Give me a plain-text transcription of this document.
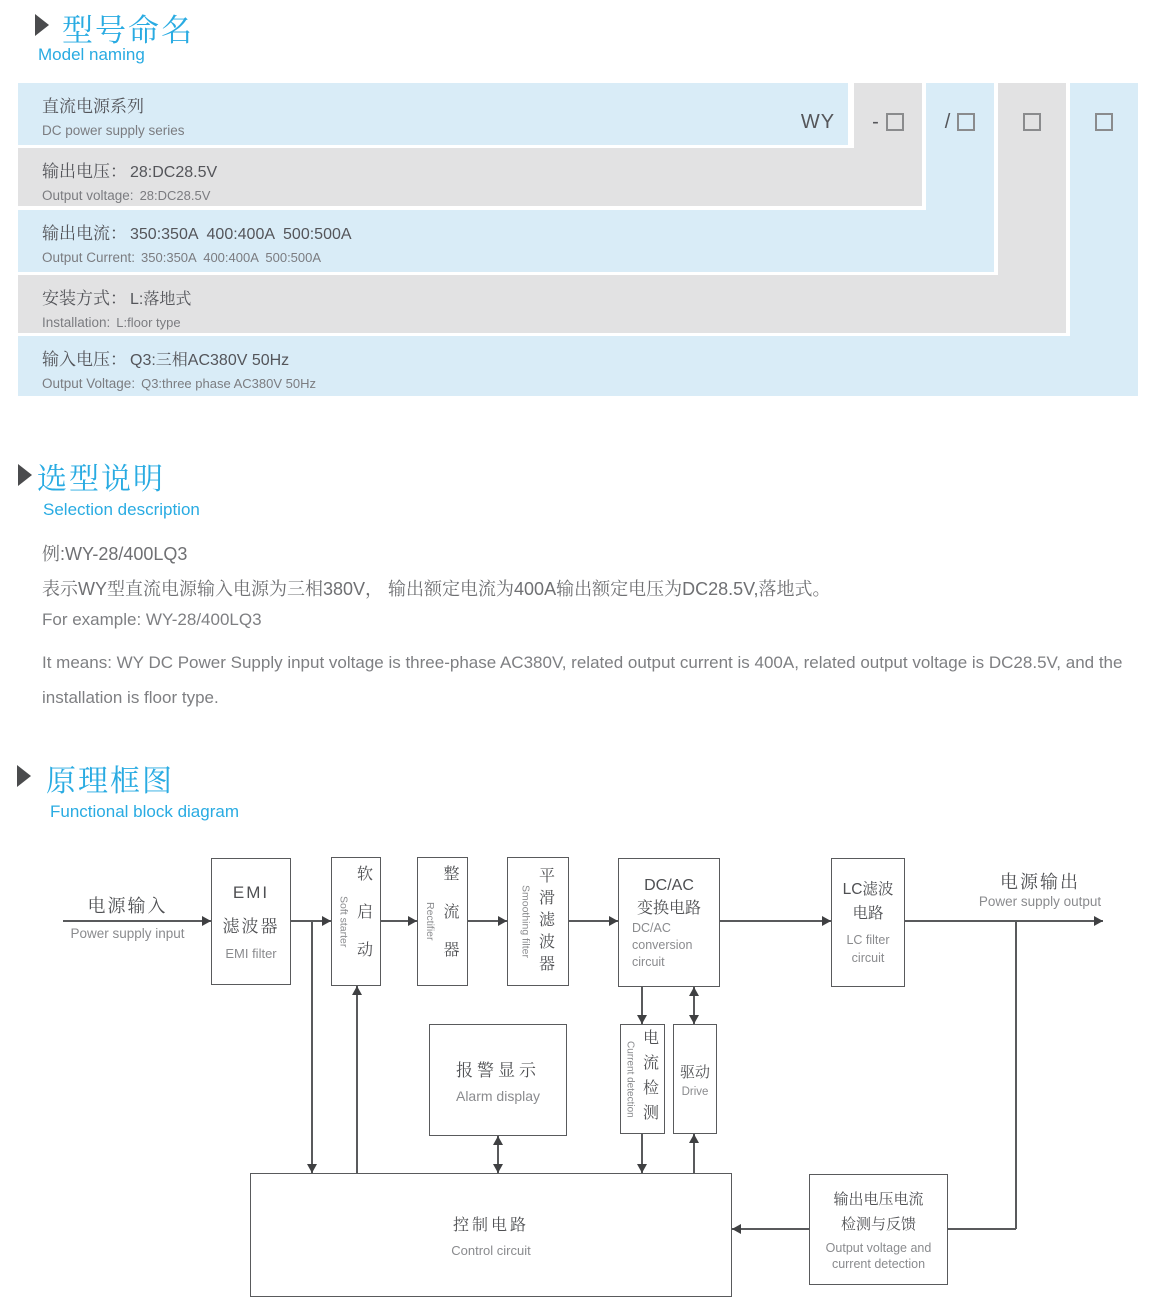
型号命名
Model naming
直流电源系列
DC power supply series
输出电压： 28:DC28.5V
Output voltage: 28:DC28.5V
输出电流： 350:350A  400:400A  500:500A
Output Current: 350:350A  400:400A  500:500A
安装方式： L:落地式
Installation: L:floor type
输入电压： Q3:三相AC380V 50Hz
Output Voltage: Q3:three phase AC380V 50Hz
WY -	/
选型说明
Selection description
例:WY-28/400LQ3
表示WY型直流电源输入电源为三相380V， 输出额定电流为400A输出额定电压为DC28.5V,落地式。
For example: WY-28/400LQ3
It means: WY DC Power Supply input voltage is three-phase AC380V, related output current is 400A, related output voltage is DC28.5V, and the installation is floor type.
原理框图
Functional block diagram
电源输入
Power supply input
电源输出
Power supply output
EMI
滤波器
EMI filter
Soft starter 软启动	Rectifier 整流器	Smoothing filter 平滑滤波器	DC/AC
变换电路
DC/AC
conversion
circuit
LC滤波
电路
LC filter
circuit
报警显示
Alarm display	Current detection 电流检测 驱动
Drive
控制电路
Control circuit
输出电压电流
检测与反馈
Output voltage and
current detection
